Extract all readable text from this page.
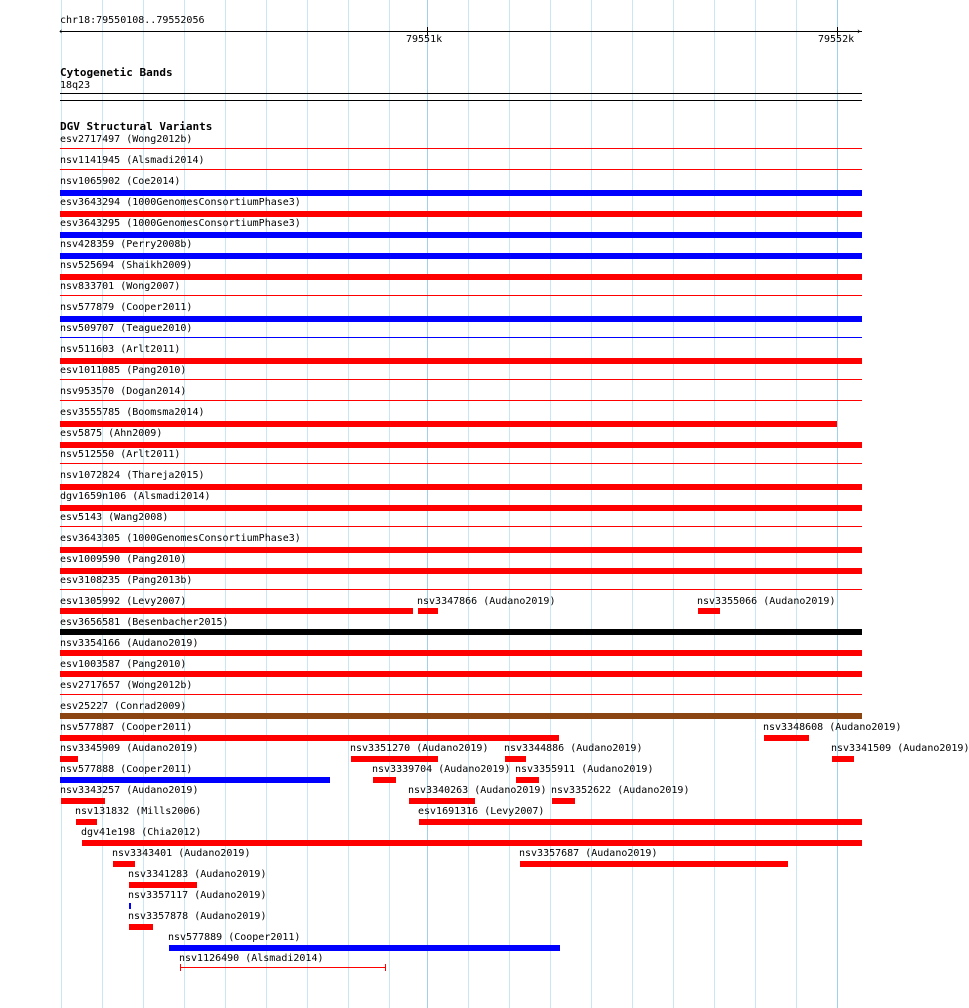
chr18:79550108..79552056
‹	›
79551k	79552k
Cytogenetic Bands
18q23
DGV Structural Variants
esv2717497 (Wong2012b)
nsv1141945 (Alsmadi2014)
nsv1065902 (Coe2014)
esv3643294 (1000GenomesConsortiumPhase3)
esv3643295 (1000GenomesConsortiumPhase3)
nsv428359 (Perry2008b)
nsv525694 (Shaikh2009)
nsv833701 (Wong2007)
nsv577879 (Cooper2011)
nsv509707 (Teague2010)
nsv511603 (Arlt2011)
esv1011085 (Pang2010)
nsv953570 (Dogan2014)
esv3555785 (Boomsma2014)
esv5875 (Ahn2009)
nsv512550 (Arlt2011)
nsv1072824 (Thareja2015)
dgv1659n106 (Alsmadi2014)
esv5143 (Wang2008)
esv3643305 (1000GenomesConsortiumPhase3)
esv1009590 (Pang2010)
esv3108235 (Pang2013b)
esv1305992 (Levy2007)	nsv3347866 (Audano2019)	nsv3355066 (Audano2019)
esv3656581 (Besenbacher2015)
nsv3354166 (Audano2019)
esv1003587 (Pang2010)
esv2717657 (Wong2012b)
esv25227 (Conrad2009)
nsv577887 (Cooper2011)	nsv3348608 (Audano2019)
nsv3345909 (Audano2019)	nsv3351270 (Audano2019) nsv3344886 (Audano2019)	nsv3341509 (Audano2019)
nsv577888 (Cooper2011)	nsv3339704 (Audano2019) nsv3355911 (Audano2019)
nsv3343257 (Audano2019)	nsv3340263 (Audano2019) nsv3352622 (Audano2019)
nsv131832 (Mills2006)	esv1691316 (Levy2007)
dgv41e198 (Chia2012)
nsv3343401 (Audano2019)	nsv3357687 (Audano2019)
nsv3341283 (Audano2019)
nsv3357117 (Audano2019)
nsv3357878 (Audano2019)
nsv577889 (Cooper2011)
nsv1126490 (Alsmadi2014)
